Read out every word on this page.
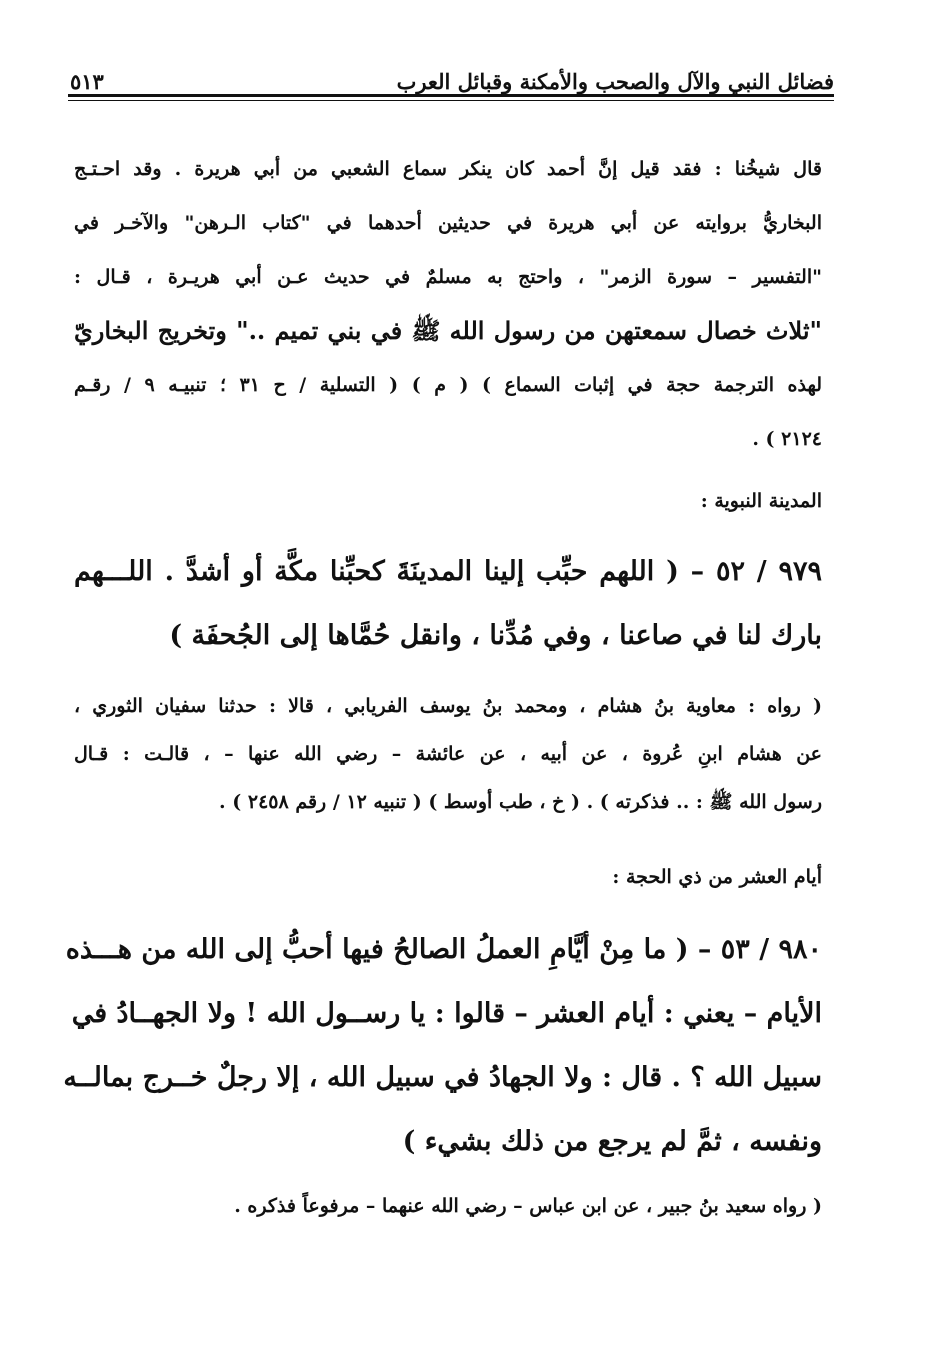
فضائل النبي والآل والصحب والأمكنة وقبائل العرب
٥١٣
قال شيخُنا : فقد قيل إنَّ أحمد كان ينكر سماع الشعبي من أبي هريرة . وقد احـتـج
البخاريُّ بروايته عن أبي هريرة في حديثين أحدهما في "كتاب الـرهن" والآخـر في
"التفسير – سورة الزمر" ، واحتج به مسلمٌ في حديث عـن أبي هريـرة ، قـال :
"ثلاث خصال سمعتهن من رسول الله ﷺ في بني تميم .." وتخريج البخاريّ
لهذه الترجمة حجة في إثبات السماع ) ( م ) ( التسلية / ح ٣١ ؛ تنبيـه ٩ / رقـم
٢١٢٤ ) .
المدينة النبوية :
٩٧٩ / ٥٢ – ( اللهم حبِّب إلينا المدينَةَ كحبِّنا مكَّة أو أشدَّ . اللـــهم
بارك لنا في صاعنا ، وفي مُدِّنا ، وانقل حُمَّاها إلى الجُحفَة )
( رواه : معاوية بنُ هشام ، ومحمد بنُ يوسف الفريابي ، قالا : حدثنا سفيان الثوري ،
عن هشام ابنِ عُروة ، عن أبيه ، عن عائشة – رضي الله عنها – ، قالـت : قـال
رسول الله ﷺ : .. فذكرته ) . ( خ ، طب أوسط ) ( تنبيه ١٢ / رقم ٢٤٥٨ ) .
أيام العشر من ذي الحجة :
٩٨٠ / ٥٣ – ( ما مِنْ أيَّامِ العملُ الصالحُ فيها أحبُّ إلى الله من هـــذه
الأيام – يعني : أيام العشر – قالوا : يا رســول الله ! ولا الجهــادُ في
سبيل الله ؟ . قال : ولا الجهادُ في سبيل الله ، إلا رجلٌ خــرج بمالــه
ونفسه ، ثمَّ لم يرجع من ذلك بشيء )
( رواه سعيد بنُ جبير ، عن ابن عباس – رضي الله عنهما – مرفوعاً فذكره .
